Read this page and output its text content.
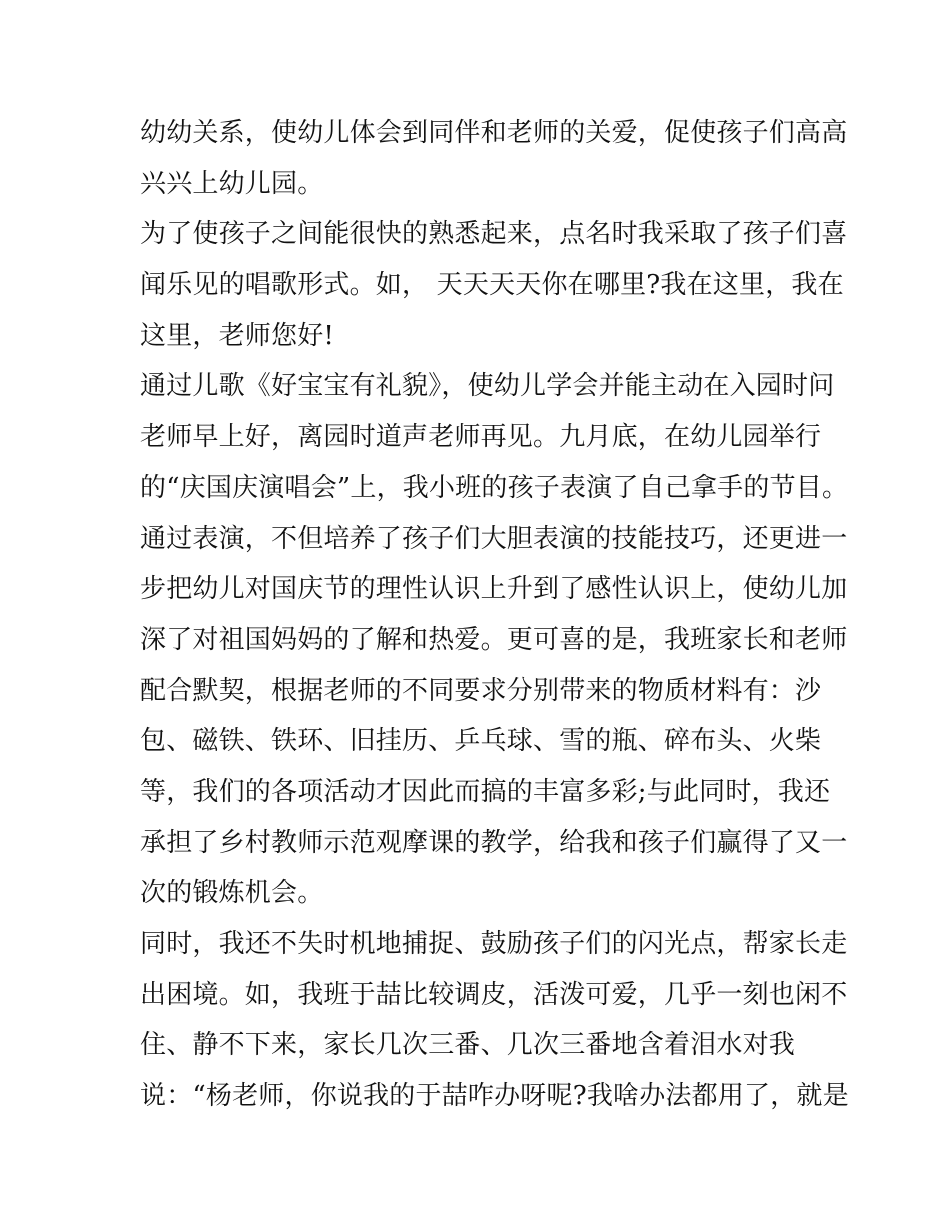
幼幼关系，使幼儿体会到同伴和老师的关爱，促使孩子们高高
兴兴上幼儿园。
为了使孩子之间能很快的熟悉起来，点名时我采取了孩子们喜
闻乐见的唱歌形式。如， 天天天天你在哪里?我在这里，我在
这里，老师您好!
通过儿歌《好宝宝有礼貌》，使幼儿学会并能主动在入园时问
老师早上好，离园时道声老师再见。九月底，在幼儿园举行
的“庆国庆演唱会”上，我小班的孩子表演了自己拿手的节目。
通过表演，不但培养了孩子们大胆表演的技能技巧，还更进一
步把幼儿对国庆节的理性认识上升到了感性认识上，使幼儿加
深了对祖国妈妈的了解和热爱。更可喜的是，我班家长和老师
配合默契，根据老师的不同要求分别带来的物质材料有：沙
包、磁铁、铁环、旧挂历、乒乓球、雪的瓶、碎布头、火柴
等，我们的各项活动才因此而搞的丰富多彩;与此同时，我还
承担了乡村教师示范观摩课的教学，给我和孩子们赢得了又一
次的锻炼机会。
同时，我还不失时机地捕捉、鼓励孩子们的闪光点，帮家长走
出困境。如，我班于喆比较调皮，活泼可爱，几乎一刻也闲不
住、静不下来，家长几次三番、几次三番地含着泪水对我
说：“杨老师，你说我的于喆咋办呀呢?我啥办法都用了，就是
